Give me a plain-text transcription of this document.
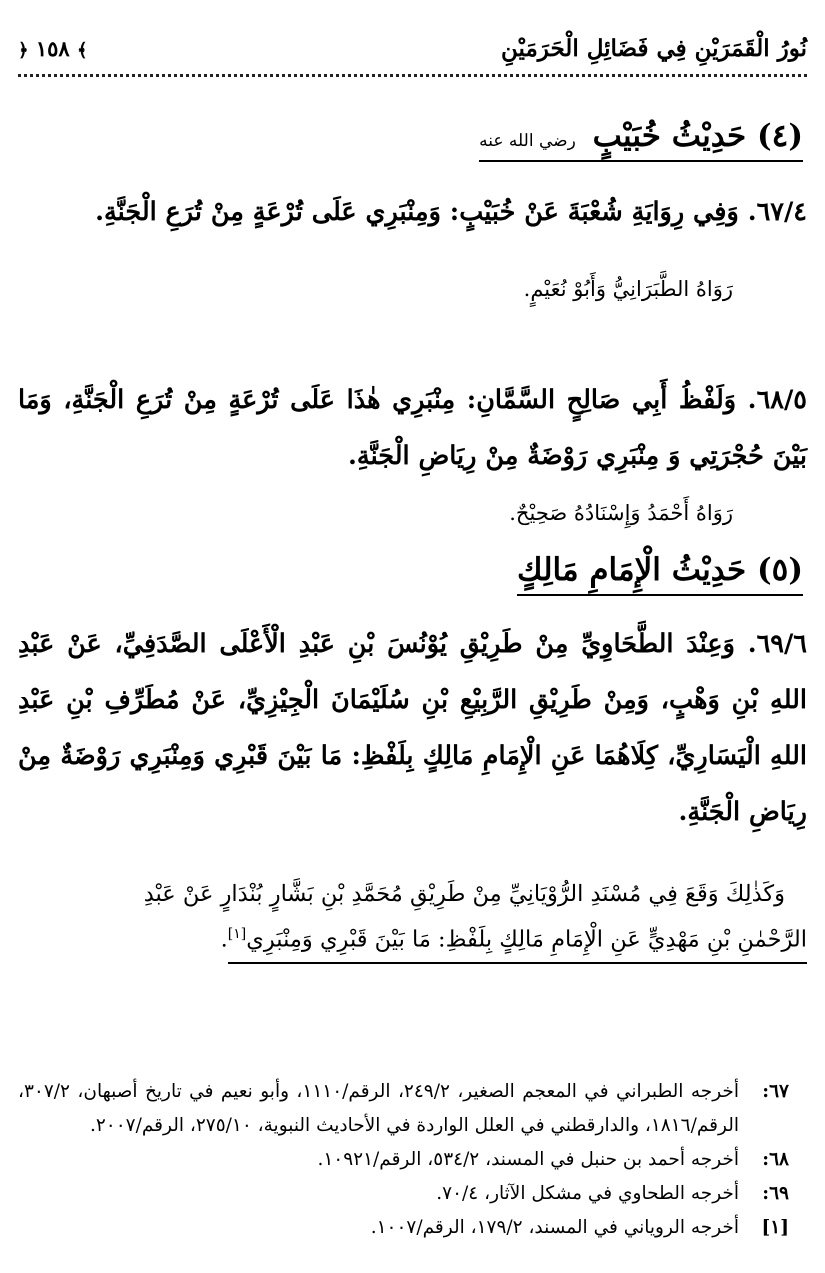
نُورُ الْقَمَرَيْنِ فِي فَضَائِلِ الْحَرَمَيْنِ
﴾ ١٥٨ ﴿
(٤) حَدِيْثُ خُبَيْبٍ رضي الله عنه
٦٧/٤. وَفِي رِوَايَةِ شُعْبَةَ عَنْ خُبَيْبٍ: وَمِنْبَرِي عَلَى تُرْعَةٍ مِنْ تُرَعِ الْجَنَّةِ.
رَوَاهُ الطَّبَرَانِيُّ وَأَبُوْ نُعَيْمٍ.
٦٨/٥. وَلَفْظُ أَبِي صَالِحٍ السَّمَّانِ: مِنْبَرِي هٰذَا عَلَى تُرْعَةٍ مِنْ تُرَعِ الْجَنَّةِ، وَمَا بَيْنَ حُجْرَتِي وَ مِنْبَرِي رَوْضَةٌ مِنْ رِيَاضِ الْجَنَّةِ.
رَوَاهُ أَحْمَدُ وَإِسْنَادُهُ صَحِيْحٌ.
(٥) حَدِيْثُ الْإِمَامِ مَالِكٍ
٦٩/٦. وَعِنْدَ الطَّحَاوِيِّ مِنْ طَرِيْقِ يُوْنُسَ بْنِ عَبْدِ الْأَعْلَى الصَّدَفِيِّ، عَنْ عَبْدِ اللهِ بْنِ وَهْبٍ، وَمِنْ طَرِيْقِ الرَّبِيْعِ بْنِ سُلَيْمَانَ الْجِيْزِيِّ، عَنْ مُطَرِّفِ بْنِ عَبْدِ اللهِ الْيَسَارِيِّ، كِلَاهُمَا عَنِ الْإِمَامِ مَالِكٍ بِلَفْظِ: مَا بَيْنَ قَبْرِي وَمِنْبَرِي رَوْضَةٌ مِنْ رِيَاضِ الْجَنَّةِ.
وَكَذٰلِكَ وَقَعَ فِي مُسْنَدِ الرُّوْيَانِيِّ مِنْ طَرِيْقِ مُحَمَّدِ بْنِ بَشَّارٍ بُنْدَارٍ عَنْ عَبْدِ
الرَّحْمٰنِ بْنِ مَهْدِيٍّ عَنِ الْإِمَامِ مَالِكٍ بِلَفْظِ: مَا بَيْنَ قَبْرِي وَمِنْبَرِي[١].
٦٧:
أخرجه الطبراني في المعجم الصغير، ٢٤٩/٢، الرقم/١١١٠، وأبو نعيم في تاريخ أصبهان، ٣٠٧/٢، الرقم/١٨١٦، والدارقطني في العلل الواردة في الأحاديث النبوية، ٢٧٥/١٠، الرقم/٢٠٠٧.
٦٨:
أخرجه أحمد بن حنبل في المسند، ٥٣٤/٢، الرقم/١٠٩٢١.
٦٩:
أخرجه الطحاوي في مشكل الآثار، ٧٠/٤.
[١]
أخرجه الروياني في المسند، ١٧٩/٢، الرقم/١٠٠٧.
